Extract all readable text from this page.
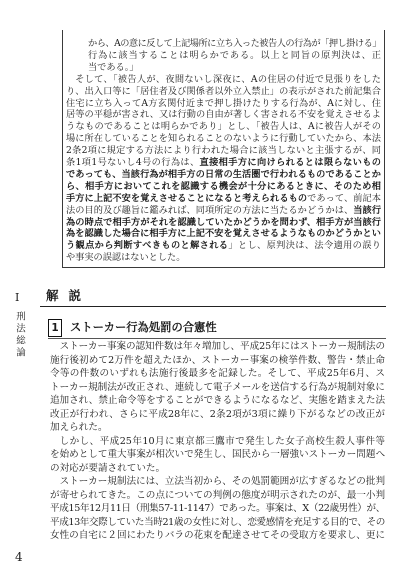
から、Aの意に反して上記場所に立ち入った被告人の行為が「押し掛ける」
行為に該当することは明らかである。以上と同旨の原判決は、正
当である。」
そして、「被告人が、夜間ないし深夜に、Aの住居の付近で見張りをした
り、出入口等に「居住者及び関係者以外立入禁止」の表示がされた前記集合
住宅に立ち入ってA方玄関付近まで押し掛けたりする行為が、Aに対し、住
居等の平穏が害され、又は行動の自由が著しく害される不安を覚えさせるよ
うなものであることは明らかであり」とし、「被告人は、Aに被告人がその
場に所在していることを知られることのないように行動していたから、本法
2条2項に規定する方法により行われた場合に該当しないと主張するが、同
条1項1号ないし4号の行為は、直接相手方に向けられるとは限らないもの
であっても、当該行為が相手方の日常の生活圏で行われるものであることか
ら、相手方においてこれを認識する機会が十分にあるときに、そのため相
手方に上記不安を覚えさせることになると考えられるものであって、前記本
法の目的及び趣旨に鑑みれば、同項所定の方法に当たるかどうかは、当該行
為の時点で相手方がそれを認識していたかどうかを問わず、相手方が当該行
為を認識した場合に相手方に上記不安を覚えさせるようなものかどうかとい
う観点から判断すべきものと解される」とし、原判決は、法令適用の誤り
や事実の誤認はないとした。
I
刑法総論
解説
1 ストーカー行為処罰の合憲性
ストーカー事案の認知件数は年々増加し、平成25年にはストーカー規制法の
施行後初めて2万件を超えたほか、ストーカー事案の検挙件数、警告・禁止命
令等の件数のいずれも法施行後最多を記録した。そして、平成25年6月、ス
トーカー規制法が改正され、連続して電子メールを送信する行為が規制対象に
追加され、禁止命令等をすることができるようになるなど、実態を踏まえた法
改正が行われ、さらに平成28年に、2条2項が3項に繰り下がるなどの改正が
加えられた。
しかし、平成25年10月に東京都三鷹市で発生した女子高校生殺人事件等
を始めとして重大事案が相次いで発生し、国民から一層強いストーカー問題へ
の対応が要請されていた。
ストーカー規制法には、立法当初から、その処罰範囲が広すぎるなどの批判
が寄せられてきた。この点についての判例の態度が明示されたのが、最一小判
平成15年12月11日（刑集57-11-1147）であった。事案は、X（22歳男性）が、
平成13年交際していた当時21歳の女性に対し、恋愛感情を充足する目的で、その
女性の自宅に２回にわたりバラの花束を配達させてその受取方を要求し、更に
4
